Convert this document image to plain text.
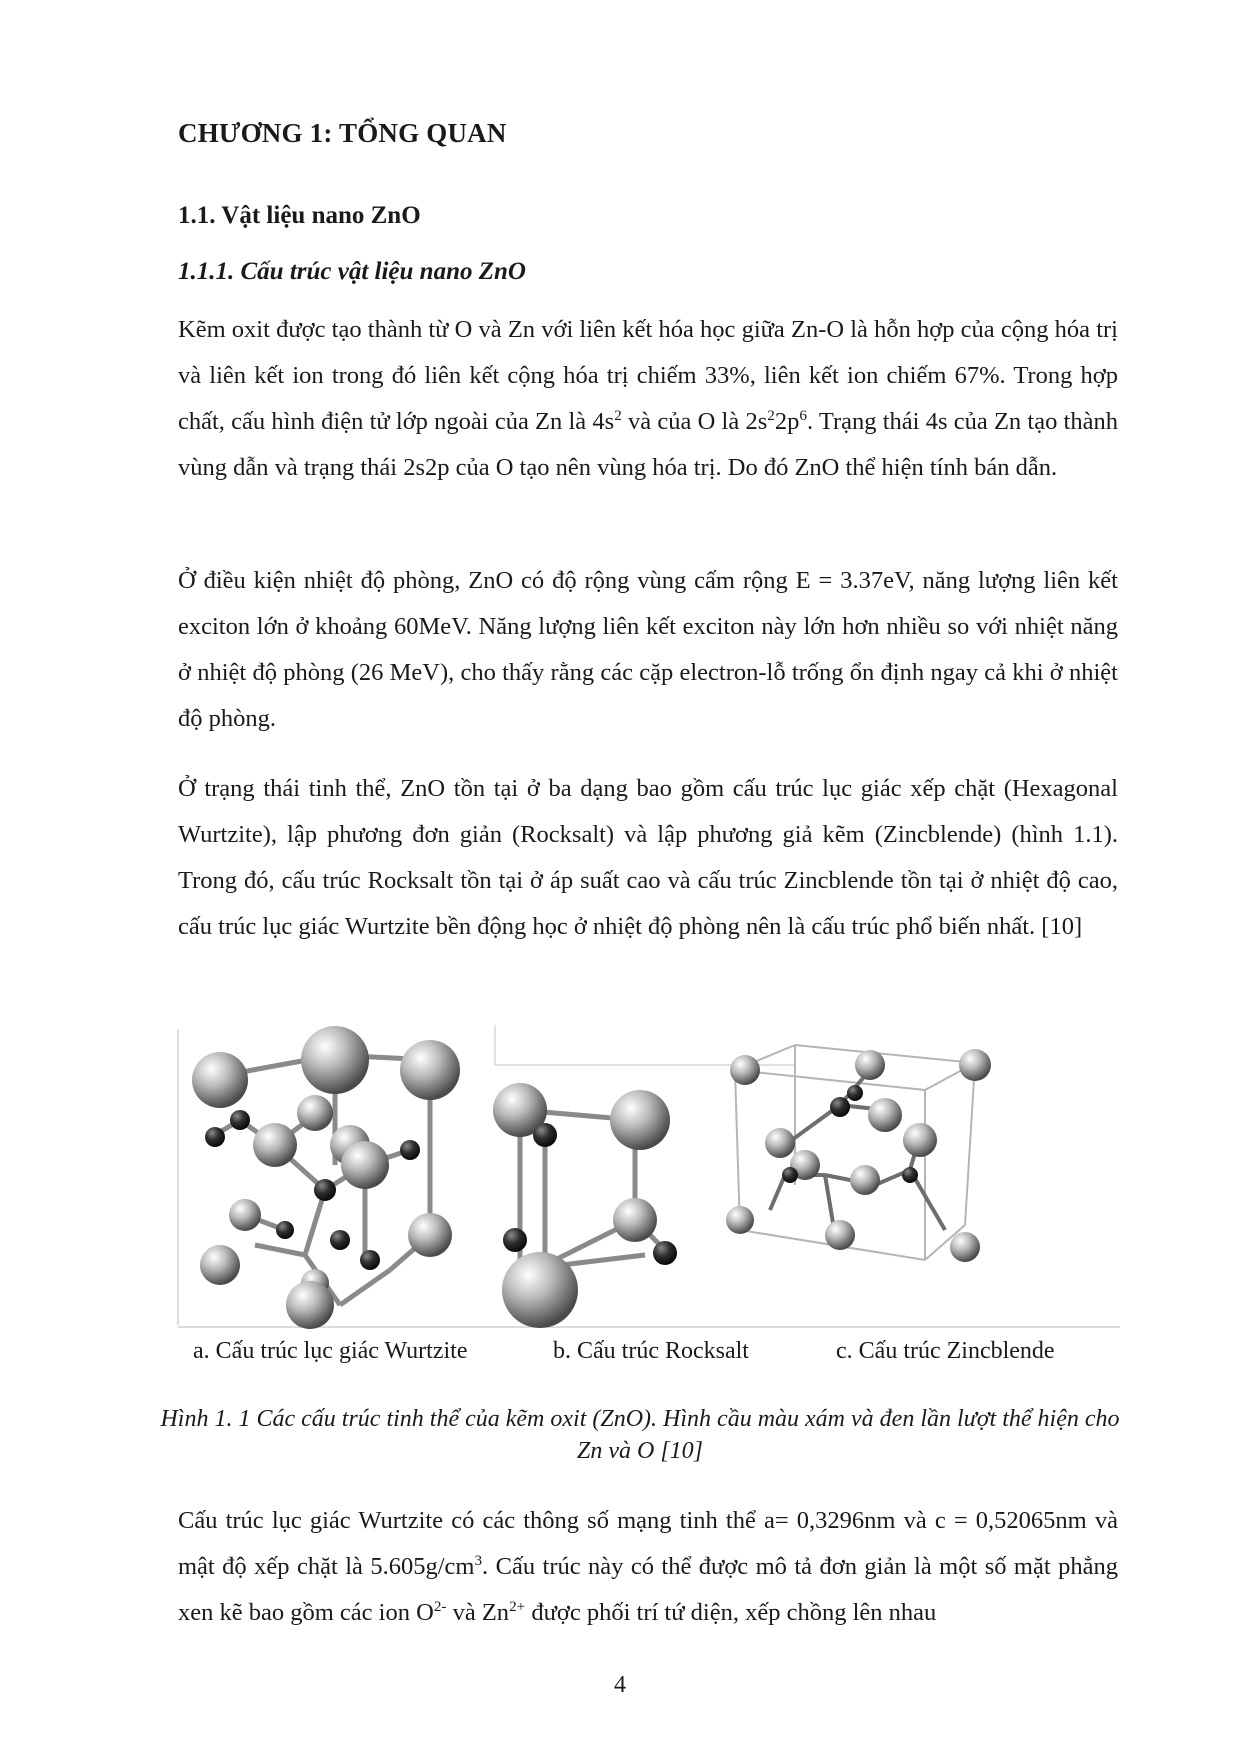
CHƯƠNG 1: TỔNG QUAN
1.1. Vật liệu nano ZnO
1.1.1. Cấu trúc vật liệu nano ZnO
Kẽm oxit được tạo thành từ O và Zn với liên kết hóa học giữa Zn-O là hỗn hợp của cộng hóa trị và liên kết ion trong đó liên kết cộng hóa trị chiếm 33%, liên kết ion chiếm 67%. Trong hợp chất, cấu hình điện tử lớp ngoài của Zn là $4s^2$ và của O là $2s^22p^6$. Trạng thái 4s của Zn tạo thành vùng dẫn và trạng thái 2s2p của O tạo nên vùng hóa trị. Do đó ZnO thể hiện tính bán dẫn.
Ở điều kiện nhiệt độ phòng, ZnO có độ rộng vùng cấm rộng E = 3.37eV, năng lượng liên kết exciton lớn ở khoảng 60MeV. Năng lượng liên kết exciton này lớn hơn nhiều so với nhiệt năng ở nhiệt độ phòng (26 MeV), cho thấy rằng các cặp electron-lỗ trống ổn định ngay cả khi ở nhiệt độ phòng.
Ở trạng thái tinh thể, ZnO tồn tại ở ba dạng bao gồm cấu trúc lục giác xếp chặt (Hexagonal Wurtzite), lập phương đơn giản (Rocksalt) và lập phương giả kẽm (Zincblende) (hình 1.1). Trong đó, cấu trúc Rocksalt tồn tại ở áp suất cao và cấu trúc Zincblende tồn tại ở nhiệt độ cao, cấu trúc lục giác Wurtzite bền động học ở nhiệt độ phòng nên là cấu trúc phổ biến nhất. [10]
a. Cấu trúc lục giác Wurtzite	b. Cấu trúc Rocksalt	c. Cấu trúc Zincblende
Hình 1. 1 Các cấu trúc tinh thể của kẽm oxit (ZnO). Hình cầu màu xám và đen lần lượt thể hiện cho Zn và O [10]
Cấu trúc lục giác Wurtzite có các thông số mạng tinh thể a= 0,3296nm và c = 0,52065nm và mật độ xếp chặt là $5.605g/cm^3$. Cấu trúc này có thể được mô tả đơn giản là một số mặt phẳng xen kẽ bao gồm các ion $O^{2-}$ và $Zn^{2+}$ được phối trí tứ diện, xếp chồng lên nhau
4
